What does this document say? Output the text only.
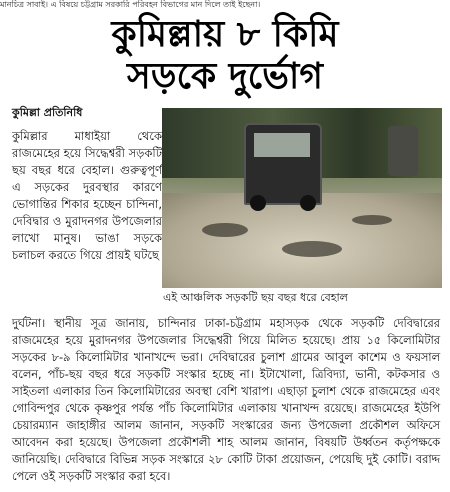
মানচিত্র সাবাই। এ বিষয়ে চট্টগ্রাম সরকারি পরিবহন বিভাগের মান দিলে তাই ইছেনা।
কুমিল্লায় ৮ কিমি
সড়কে দুর্ভোগ
কুমিল্লা প্রতিনিধি
কুমিল্লার মাধাইয়া থেকে রাজমেহের হয়ে সিদ্ধেশ্বরী সড়কটি ছয় বছর ধরে বেহাল। গুরুত্বপূর্ণ এ সড়কের দুরবস্থার কারণে ভোগান্তির শিকার হচ্ছেন চান্দিনা, দেবিদ্বার ও মুরাদনগর উপজেলার লাখো মানুষ। ভাঙা সড়কে চলাচল করতে গিয়ে প্রায়ই ঘটছে
এই আঞ্চলিক সড়কটি ছয় বছর ধরে বেহাল
দুর্ঘটনা। স্থানীয় সূত্র জানায়, চান্দিনার ঢাকা-চট্টগ্রাম মহাসড়ক থেকে সড়কটি দেবিদ্বারের রাজমেহের হয়ে মুরাদনগর উপজেলার সিদ্ধেশ্বরী গিয়ে মিলিত হয়েছে। প্রায় ১৫ কিলোমিটার সড়কের ৮-৯ কিলোমিটার খানাখন্দে ভরা। দেবিদ্বারের চুলাশ গ্রামের আবুল কাশেম ও ফয়সাল বলেন, পাঁচ-ছয় বছর ধরে সড়কটি সংস্কার হচ্ছে না। ইটাখোলা, ত্রিবিদ্যা, ভানী, কটকসার ও সাইতলা এলাকার তিন কিলোমিটারের অবস্থা বেশি খারাপ। এছাড়া চুলাশ থেকে রাজমেহের এবং গোবিন্দপুর থেকে কৃষ্ণপুর পর্যন্ত পাঁচ কিলোমিটার এলাকায় খানাখন্দ রয়েছে। রাজমেহের ইউপি চেয়ারম্যান জাহাঙ্গীর আলম জানান, সড়কটি সংস্কারের জন্য উপজেলা প্রকৌশল অফিসে আবেদন করা হয়েছে। উপজেলা প্রকৌশলী শাহ আলম জানান, বিষয়টি উর্ধ্বতন কর্তৃপক্ষকে জানিয়েছি। দেবিদ্বারে বিভিন্ন সড়ক সংস্কারে ২৮ কোটি টাকা প্রয়োজন, পেয়েছি দুই কোটি। বরাদ্দ পেলে ওই সড়কটি সংস্কার করা হবে।
